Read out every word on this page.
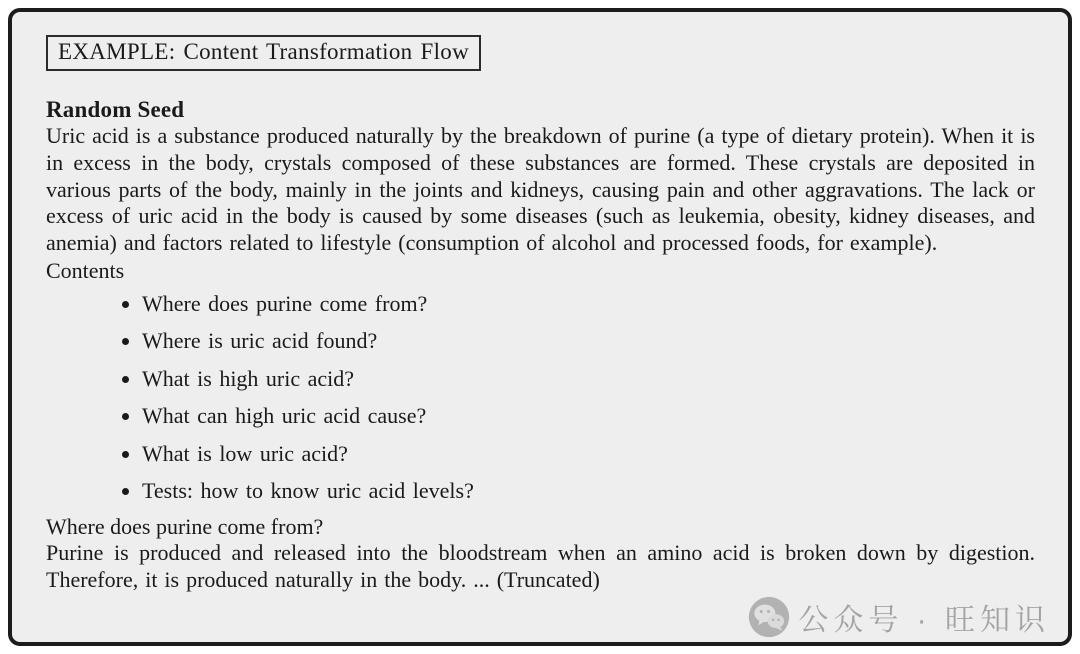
EXAMPLE: Content Transformation Flow
Random Seed

Uric acid is a substance produced naturally by the breakdown of purine (a type of dietary protein). When it is in excess in the body, crystals composed of these substances are formed. These crystals are deposited in various parts of the body, mainly in the joints and kidneys, causing pain and other aggravations. The lack or excess of uric acid in the body is caused by some diseases (such as leukemia, obesity, kidney diseases, and anemia) and factors related to lifestyle (consumption of alcohol and processed foods, for example).

Contents
• Where does purine come from?
• Where is uric acid found?
• What is high uric acid?
• What can high uric acid cause?
• What is low uric acid?
• Tests: how to know uric acid levels?
Where does purine come from?

Purine is produced and released into the bloodstream when an amino acid is broken down by digestion. Therefore, it is produced naturally in the body. ... (Truncated)

公众号 · 旺知识
